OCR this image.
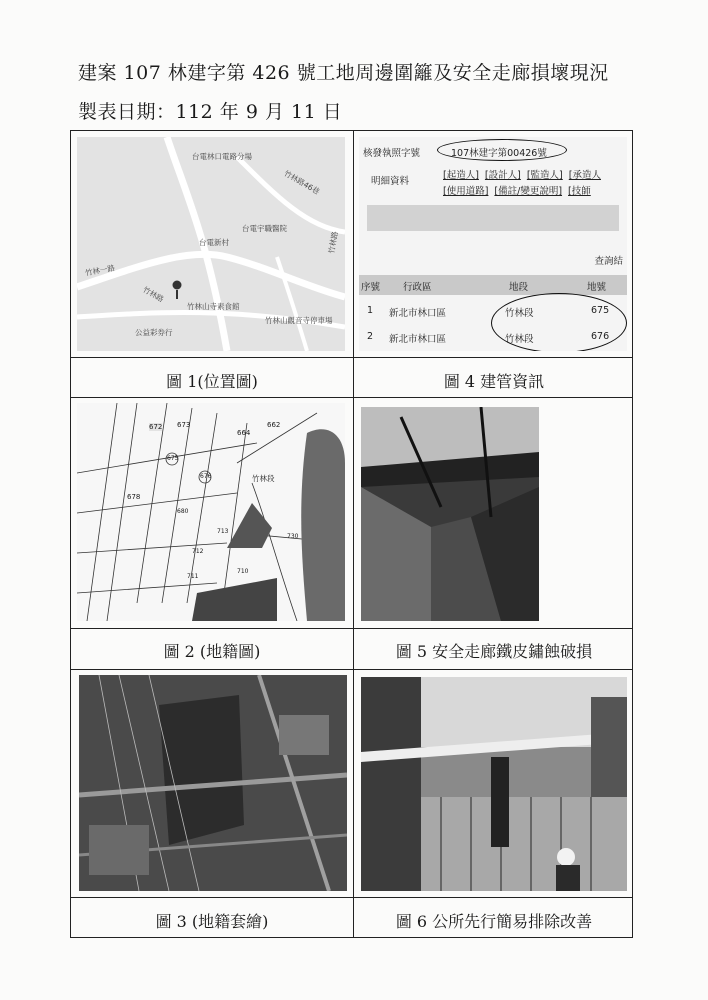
建案 107 林建字第 426 號工地周邊圍籬及安全走廊損壞現況
製表日期：112 年 9 月 11 日
台電林口電路分場
竹林路46巷
台電新村
台電宇職醫院
竹林路
竹林一路
竹林山寺素食館
竹林山觀音寺停車場
公益彩券行
竹林路
圖 1(位置圖)
核發執照字號	107林建字第00426號
明細資料
[起造人] [設計人] [監造人] [承造人
[使用道路] [備註/變更說明] [技師
查詢結
序號 行政區	地段	地號
1 新北市林口區	竹林段	675
2 新北市林口區	竹林段	676
圖 4 建管資訊
672 673
664
662
675
676
678
竹林段
711
712
713
710
730
680
圖 2 (地籍圖)	圖 5 安全走廊鐵皮鏽蝕破損
圖 3 (地籍套繪)	圖 6 公所先行簡易排除改善
